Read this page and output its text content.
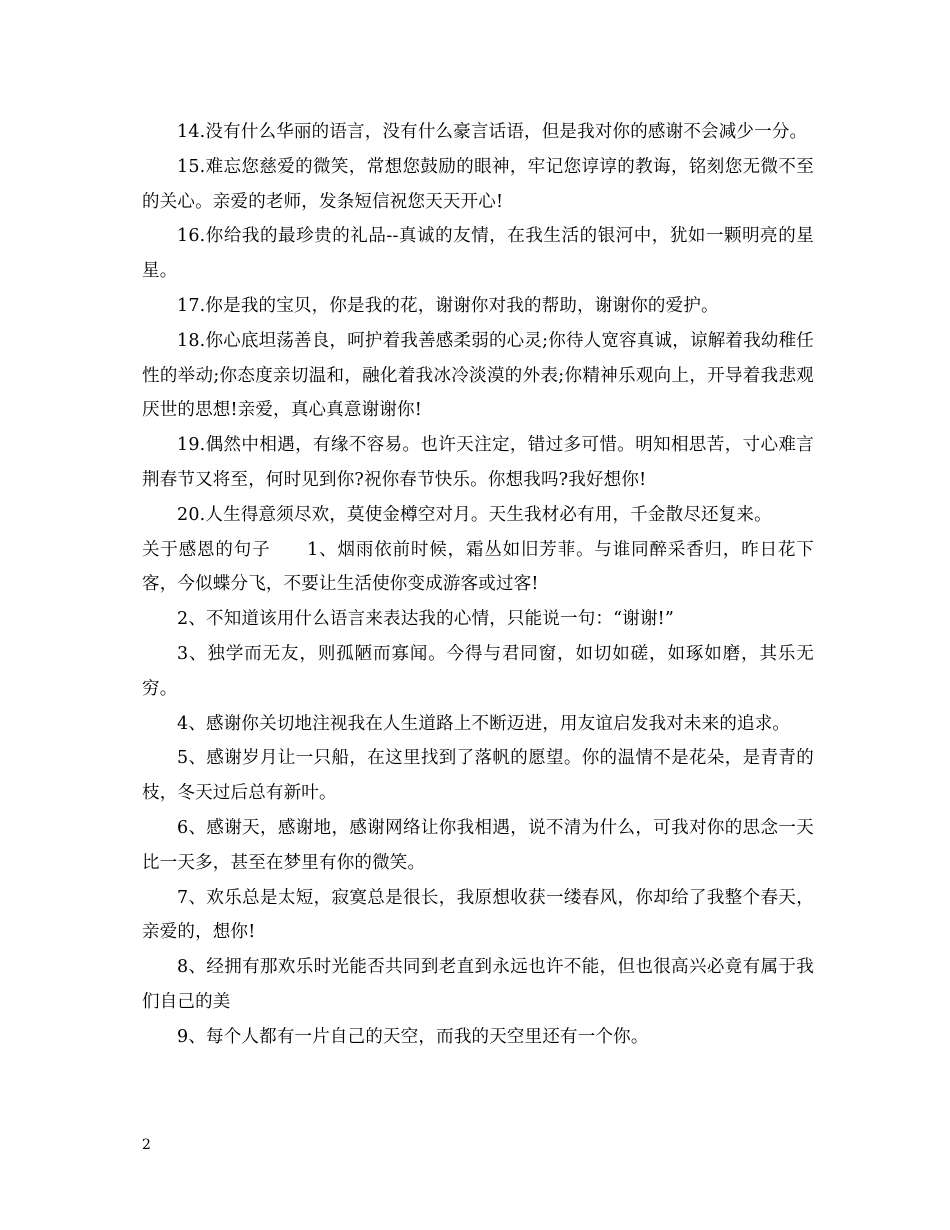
14.没有什么华丽的语言，没有什么豪言话语，但是我对你的感谢不会减少一分。

15.难忘您慈爱的微笑，常想您鼓励的眼神，牢记您谆谆的教诲，铭刻您无微不至的关心。亲爱的老师，发条短信祝您天天开心!

16.你给我的最珍贵的礼品--真诚的友情，在我生活的银河中，犹如一颗明亮的星星。

17.你是我的宝贝，你是我的花，谢谢你对我的帮助，谢谢你的爱护。

18.你心底坦荡善良，呵护着我善感柔弱的心灵;你待人宽容真诚，谅解着我幼稚任性的举动;你态度亲切温和，融化着我冰冷淡漠的外表;你精神乐观向上，开导着我悲观厌世的思想!亲爱，真心真意谢谢你!

19.偶然中相遇，有缘不容易。也许天注定，错过多可惜。明知相思苦，寸心难言荆春节又将至，何时见到你?祝你春节快乐。你想我吗?我好想你!

20.人生得意须尽欢，莫使金樽空对月。天生我材必有用，千金散尽还复来。

关于感恩的句子　　1、烟雨依前时候，霜丛如旧芳菲。与谁同醉采香归，昨日花下客，今似蝶分飞，不要让生活使你变成游客或过客!

2、不知道该用什么语言来表达我的心情，只能说一句：“谢谢!”

3、独学而无友，则孤陋而寡闻。今得与君同窗，如切如磋，如琢如磨，其乐无穷。

4、感谢你关切地注视我在人生道路上不断迈进，用友谊启发我对未来的追求。

5、感谢岁月让一只船，在这里找到了落帆的愿望。你的温情不是花朵，是青青的枝，冬天过后总有新叶。

6、感谢天，感谢地，感谢网络让你我相遇，说不清为什么，可我对你的思念一天比一天多，甚至在梦里有你的微笑。

7、欢乐总是太短，寂寞总是很长，我原想收获一缕春风，你却给了我整个春天，亲爱的，想你!

8、经拥有那欢乐时光能否共同到老直到永远也许不能，但也很高兴必竟有属于我们自己的美

9、每个人都有一片自己的天空，而我的天空里还有一个你。

2
